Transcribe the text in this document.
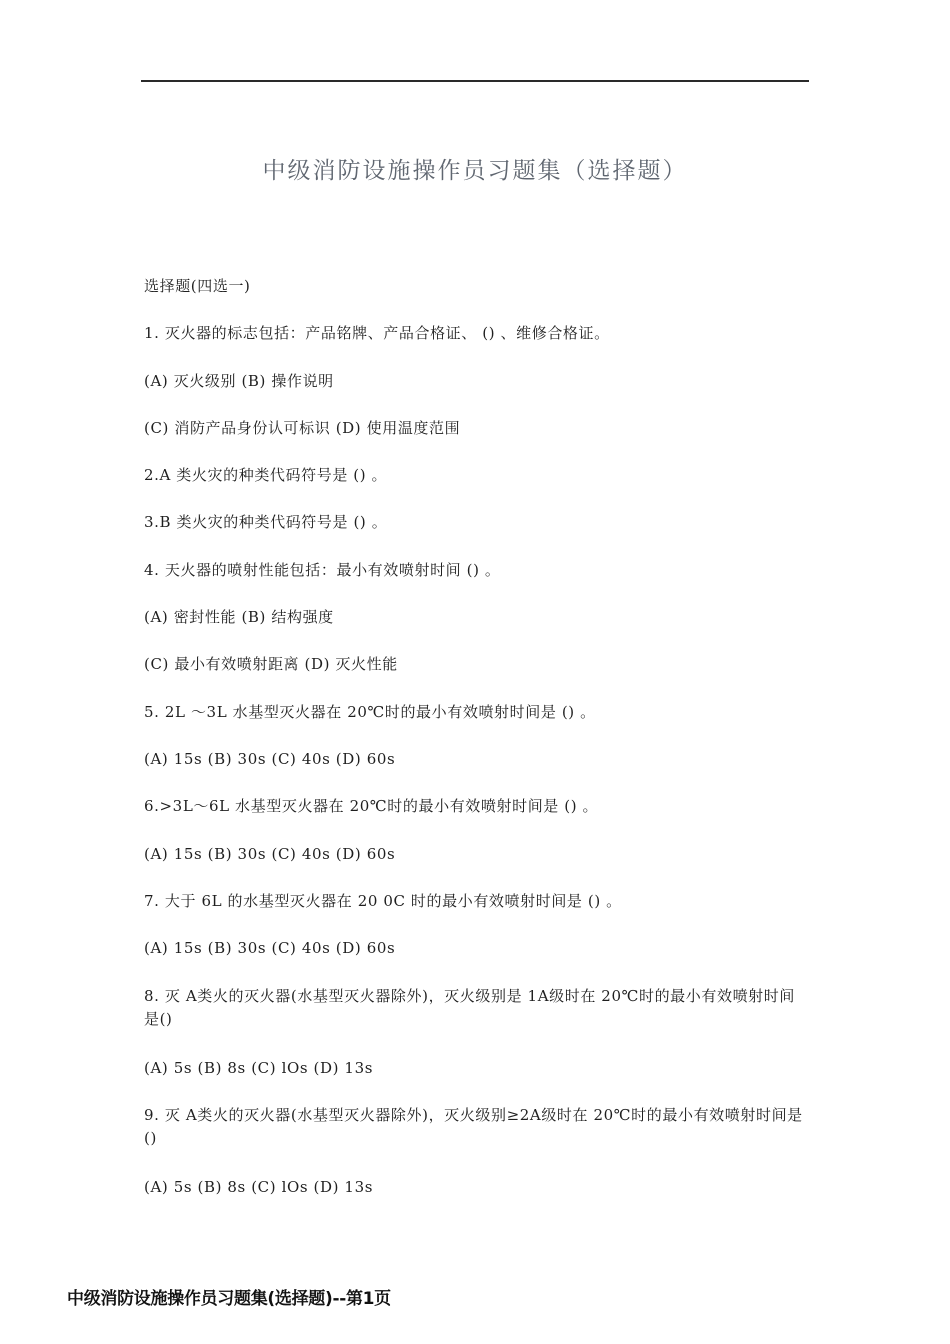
中级消防设施操作员习题集（选择题）
选择题(四选一)
1. 灭火器的标志包括：产品铭牌、产品合格证、 () 、维修合格证。
(A) 灭火级别 (B) 操作说明
(C) 消防产品身份认可标识 (D) 使用温度范围
2.A 类火灾的种类代码符号是 () 。
3.B 类火灾的种类代码符号是 () 。
4. 天火器的喷射性能包括：最小有效喷射时间 () 。
(A) 密封性能 (B) 结构强度
(C) 最小有效喷射距离 (D) 灭火性能
5. 2L ～3L 水基型灭火器在 20℃时的最小有效喷射时间是 () 。
(A) 15s (B) 30s (C) 40s (D) 60s
6.>3L～6L 水基型灭火器在 20℃时的最小有效喷射时间是 () 。
(A) 15s (B) 30s (C) 40s (D) 60s
7. 大于 6L 的水基型灭火器在 20 0C 时的最小有效喷射时间是 () 。
(A) 15s (B) 30s (C) 40s (D) 60s
8. 灭 A类火的灭火器(水基型灭火器除外)，灭火级别是 1A级时在 20℃时的最小有效喷射时间是()
(A) 5s (B) 8s (C) lOs (D) 13s
9. 灭 A类火的灭火器(水基型灭火器除外)，灭火级别≥2A级时在 20℃时的最小有效喷射时间是()
(A) 5s (B) 8s (C) lOs (D) 13s
中级消防设施操作员习题集(选择题)--第1页
